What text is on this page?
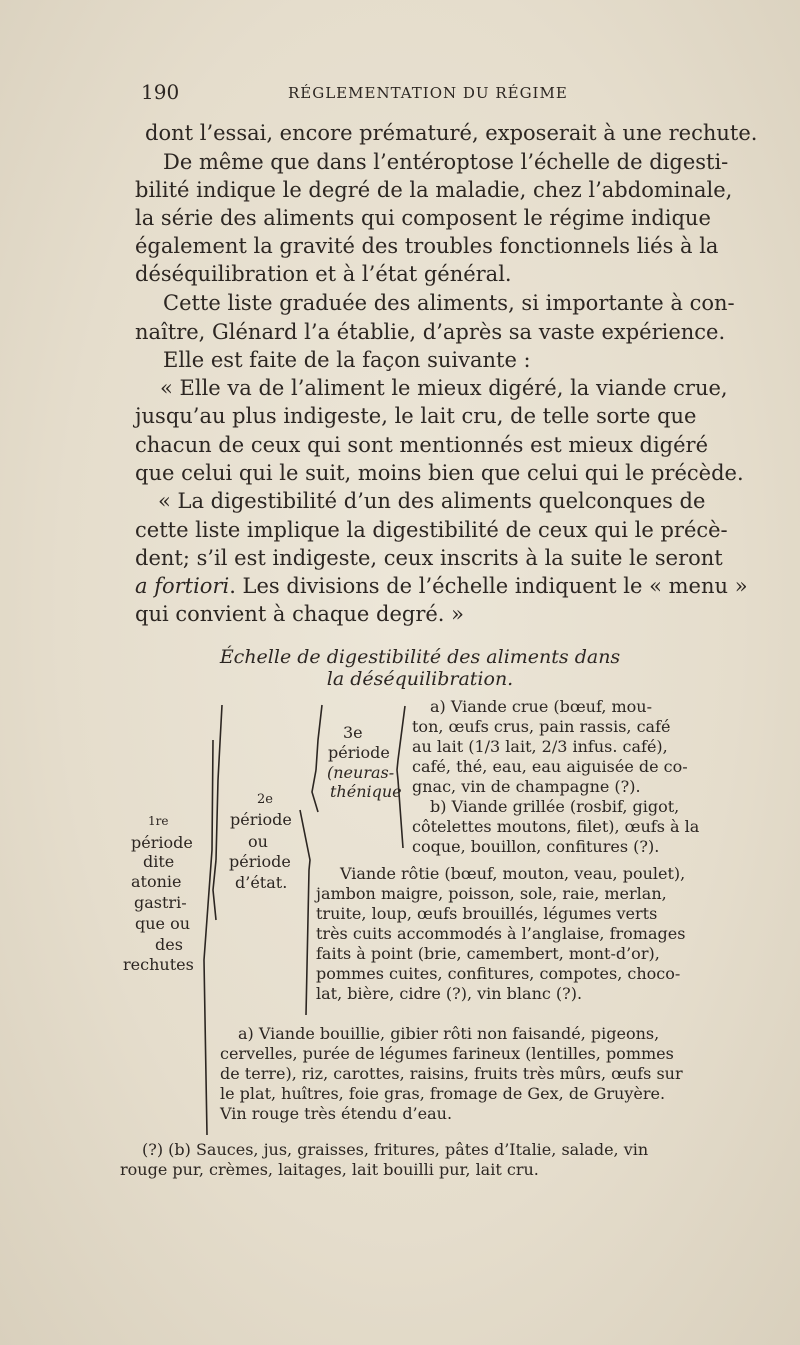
190	RÉGLEMENTATION DU RÉGIME
dont l’essai, encore prématuré, exposerait à une rechute.
De même que dans l’entéroptose l’échelle de digesti-
bilité indique le degré de la maladie, chez l’abdominale,
la série des aliments qui composent le régime indique
également la gravité des troubles fonctionnels liés à la
déséquilibration et à l’état général.
Cette liste graduée des aliments, si importante à con-
naître, Glénard l’a établie, d’après sa vaste expérience.
Elle est faite de la façon suivante :
« Elle va de l’aliment le mieux digéré, la viande crue,
jusqu’au plus indigeste, le lait cru, de telle sorte que
chacun de ceux qui sont mentionnés est mieux digéré
que celui qui le suit, moins bien que celui qui le précède.
« La digestibilité d’un des aliments quelconques de
cette liste implique la digestibilité de ceux qui le précè-
dent; s’il est indigeste, ceux inscrits à la suite le seront
a fortiori. Les divisions de l’échelle indiquent le « menu »
qui convient à chaque degré. »
Échelle de digestibilité des aliments dans
la déséquilibration.
1re
période
dite
atonie
gastri-
que ou
des
rechutes
2e
période
ou
période
d’état.
3e
période
(neuras-
thénique
a) Viande crue (bœuf, mou-
ton, œufs crus, pain rassis, café
au lait (1/3 lait, 2/3 infus. café),
café, thé, eau, eau aiguisée de co-
gnac, vin de champagne (?).
b) Viande grillée (rosbif, gigot,
côtelettes moutons, filet), œufs à la
coque, bouillon, confitures (?).
Viande rôtie (bœuf, mouton, veau, poulet),
jambon maigre, poisson, sole, raie, merlan,
truite, loup, œufs brouillés, légumes verts
très cuits accommodés à l’anglaise, fromages
faits à point (brie, camembert, mont-d’or),
pommes cuites, confitures, compotes, choco-
lat, bière, cidre (?), vin blanc (?).
a) Viande bouillie, gibier rôti non faisandé, pigeons,
cervelles, purée de légumes farineux (lentilles, pommes
de terre), riz, carottes, raisins, fruits très mûrs, œufs sur
le plat, huîtres, foie gras, fromage de Gex, de Gruyère.
Vin rouge très étendu d’eau.
(?) (b) Sauces, jus, graisses, fritures, pâtes d’Italie, salade, vin
rouge pur, crèmes, laitages, lait bouilli pur, lait cru.
